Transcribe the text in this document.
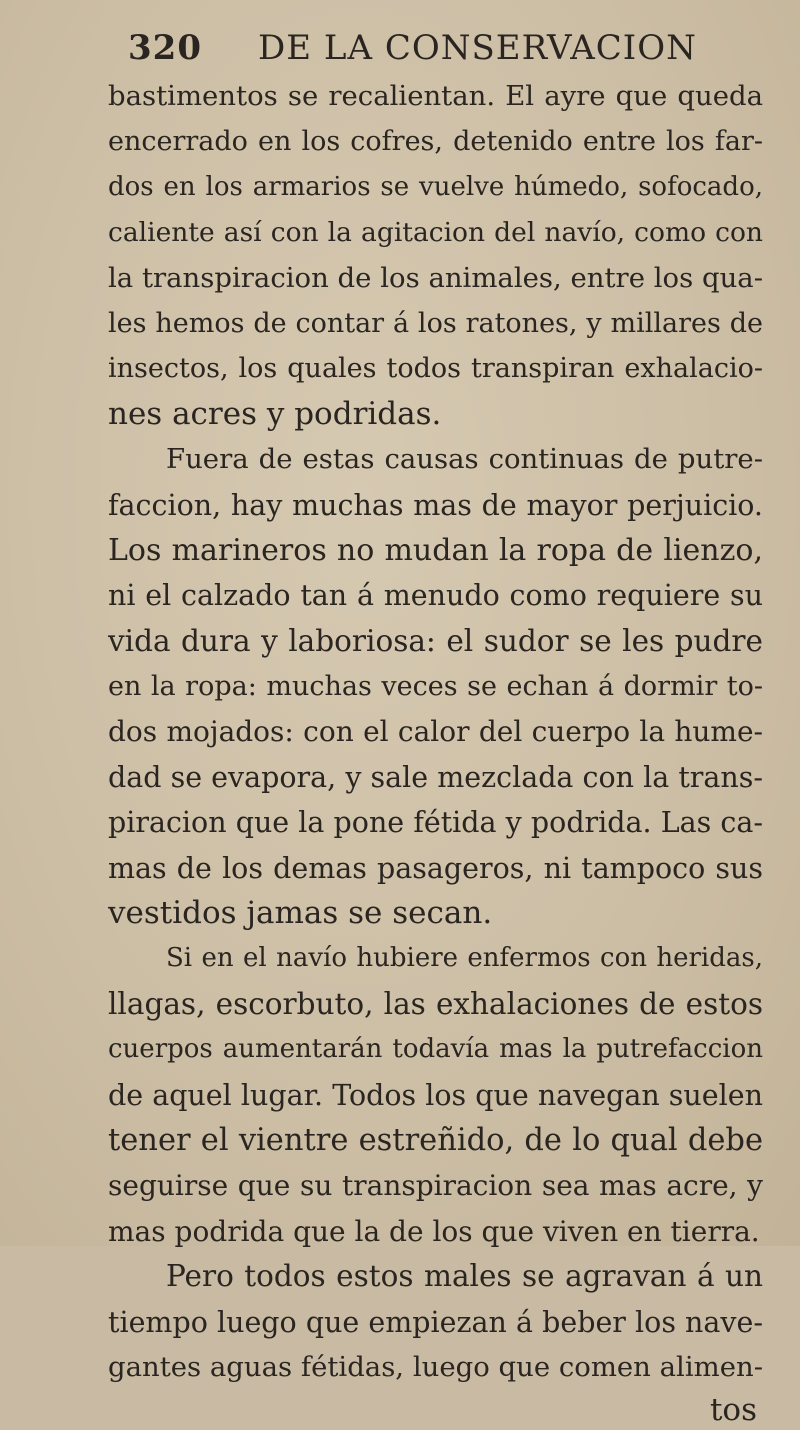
320 DE LA CONSERVACION
bastimentos se recalientan. El ayre que queda
encerrado en los cofres, detenido entre los far-
dos en los armarios se vuelve húmedo, sofocado,
caliente así con la agitacion del navío, como con
la transpiracion de los animales, entre los qua-
les hemos de contar á los ratones, y millares de
insectos, los quales todos transpiran exhalacio-
nes acres y podridas.
Fuera de estas causas continuas de putre-
faccion, hay muchas mas de mayor perjuicio.
Los marineros no mudan la ropa de lienzo,
ni el calzado tan á menudo como requiere su
vida dura y laboriosa: el sudor se les pudre
en la ropa: muchas veces se echan á dormir to-
dos mojados: con el calor del cuerpo la hume-
dad se evapora, y sale mezclada con la trans-
piracion que la pone fétida y podrida. Las ca-
mas de los demas pasageros, ni tampoco sus
vestidos jamas se secan.
Si en el navío hubiere enfermos con heridas,
llagas, escorbuto, las exhalaciones de estos
cuerpos aumentarán todavía mas la putrefaccion
de aquel lugar. Todos los que navegan suelen
tener el vientre estreñido, de lo qual debe
seguirse que su transpiracion sea mas acre, y
mas podrida que la de los que viven en tierra.
Pero todos estos males se agravan á un
tiempo luego que empiezan á beber los nave-
gantes aguas fétidas, luego que comen alimen-
tos
